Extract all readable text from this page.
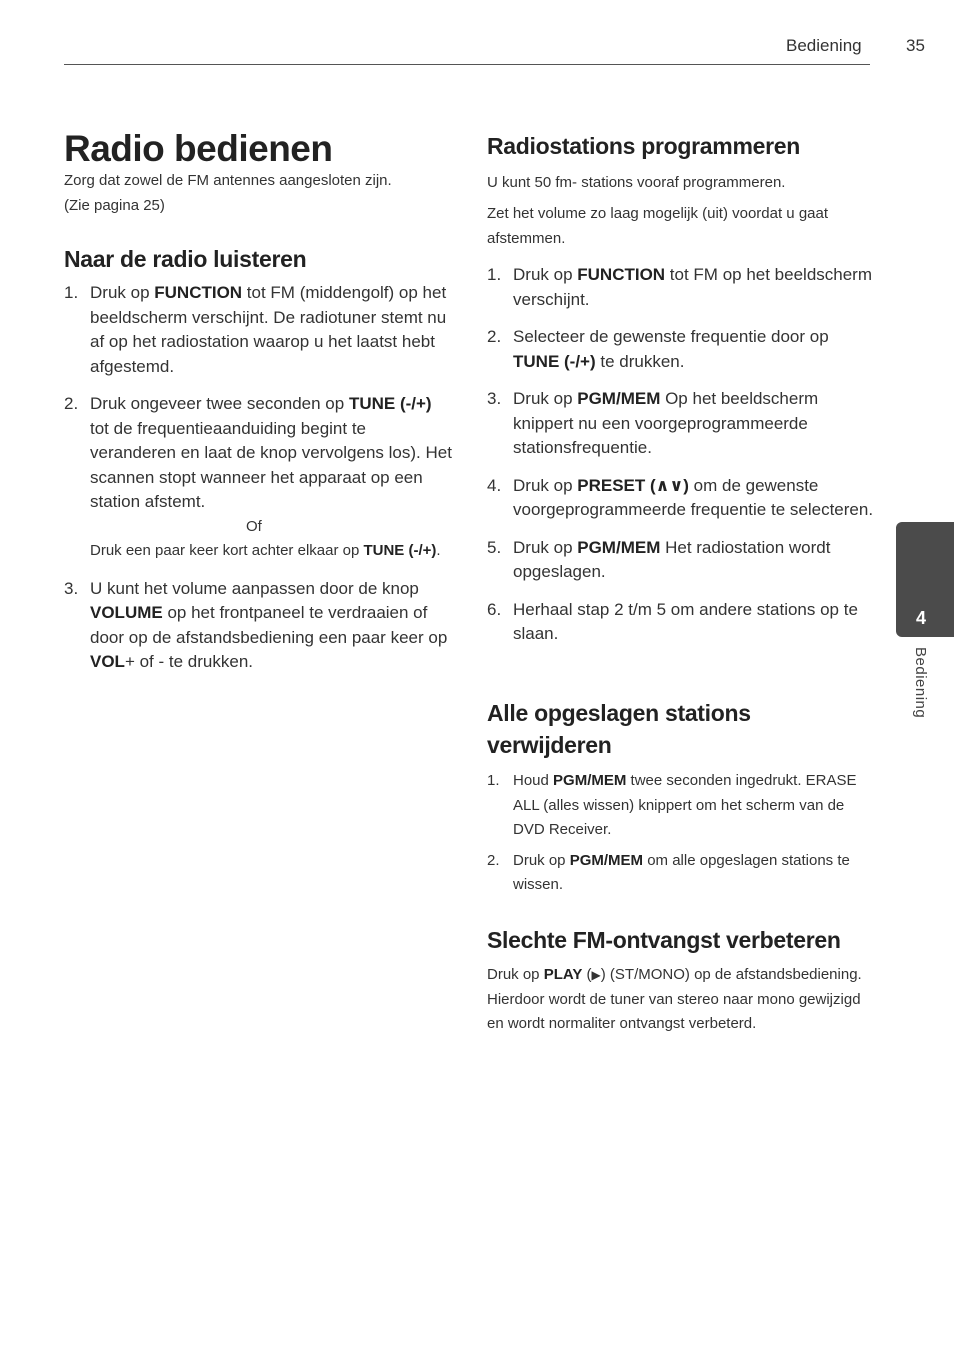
Bediening	35
Radio bedienen
Zorg dat zowel de FM antennes aangesloten zijn.
(Zie pagina 25)
Naar de radio luisteren
1. Druk op FUNCTION tot FM (middengolf) op het beeldscherm verschijnt. De radiotuner stemt nu af op het radiostation waarop u het laatst hebt afgestemd.
2. Druk ongeveer twee seconden op TUNE (-/+) tot de frequentieaanduiding begint te veranderen en laat de knop vervolgens los). Het scannen stopt wanneer het apparaat op een station afstemt.
Of
Druk een paar keer kort achter elkaar op TUNE (-/+).
3. U kunt het volume aanpassen door de knop VOLUME op het frontpaneel te verdraaien of door op de afstandsbediening een paar keer op VOL+ of - te drukken.
Radiostations programmeren

U kunt 50 fm- stations vooraf programmeren.

Zet het volume zo laag mogelijk (uit) voordat u gaat afstemmen.

1. Druk op FUNCTION tot FM op het beeldscherm verschijnt.
2. Selecteer de gewenste frequentie door op TUNE (-/+) te drukken.
3. Druk op PGM/MEM Op het beeldscherm knippert nu een voorgeprogrammeerde stationsfrequentie.
4. Druk op PRESET (∧∨) om de gewenste voorgeprogrammeerde frequentie te selecteren.
5. Druk op PGM/MEM Het radiostation wordt opgeslagen.
6. Herhaal stap 2 t/m 5 om andere stations op te slaan.
Alle opgeslagen stations
verwijderen
1. Houd PGM/MEM twee seconden ingedrukt. ERASE ALL (alles wissen) knippert om het scherm van de DVD Receiver.
2. Druk op PGM/MEM om alle opgeslagen stations te wissen.
Slechte FM-ontvangst verbeteren

Druk op PLAY (▶) (ST/MONO) op de afstandsbediening. Hierdoor wordt de tuner van stereo naar mono gewijzigd en wordt normaliter ontvangst verbeterd.

4
Bediening
